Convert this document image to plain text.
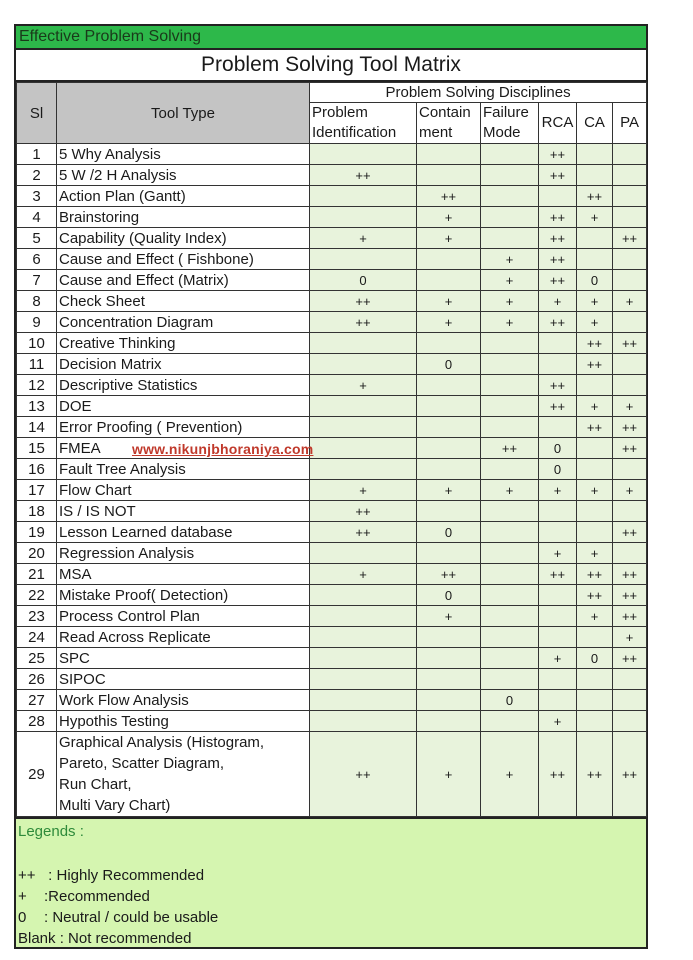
Effective Problem Solving
Problem Solving Tool Matrix
Sl	Tool Type	Problem Solving Disciplines					
		Problem Identification	Contain ment	Failure Mode	RCA	CA	PA
1	5 Why Analysis				++		
2	5 W /2 H Analysis	++			++		
3	Action Plan (Gantt)		++			++	
4	Brainstoring		+		++	+	
5	Capability (Quality Index)	+	+		++		++
6	Cause and Effect ( Fishbone)			+	++		
7	Cause and Effect (Matrix)	0		+	++	0	
8	Check Sheet	++	+	+	+	+	+
9	Concentration Diagram	++	+	+	++	+	
10	Creative Thinking					++	++
11	Decision Matrix		0			++	
12	Descriptive Statistics	+			++		
13	DOE				++	+	+
14	Error Proofing ( Prevention)					++	++
15	FMEA			++	0		++
16	Fault Tree Analysis				0		
17	Flow Chart	+	+	+	+	+	+
18	IS / IS NOT	++					
19	Lesson Learned database	++	0				++
20	Regression Analysis				+	+	
21	MSA	+	++		++	++	++
22	Mistake Proof( Detection)		0			++	++
23	Process Control Plan		+			+	++
24	Read Across Replicate						+
25	SPC				+	0	++
26	SIPOC						
27	Work Flow Analysis			0			
28	Hypothis Testing				+		
29	Graphical Analysis (Histogram,
Pareto, Scatter Diagram,
Run Chart,
Multi Vary Chart)	++	+	+	++	++	++
Legends :
++ : Highly Recommended
+ :Recommended
0 : Neutral / could be usable
Blank : Not recommended
www.nikunjbhoraniya.com
